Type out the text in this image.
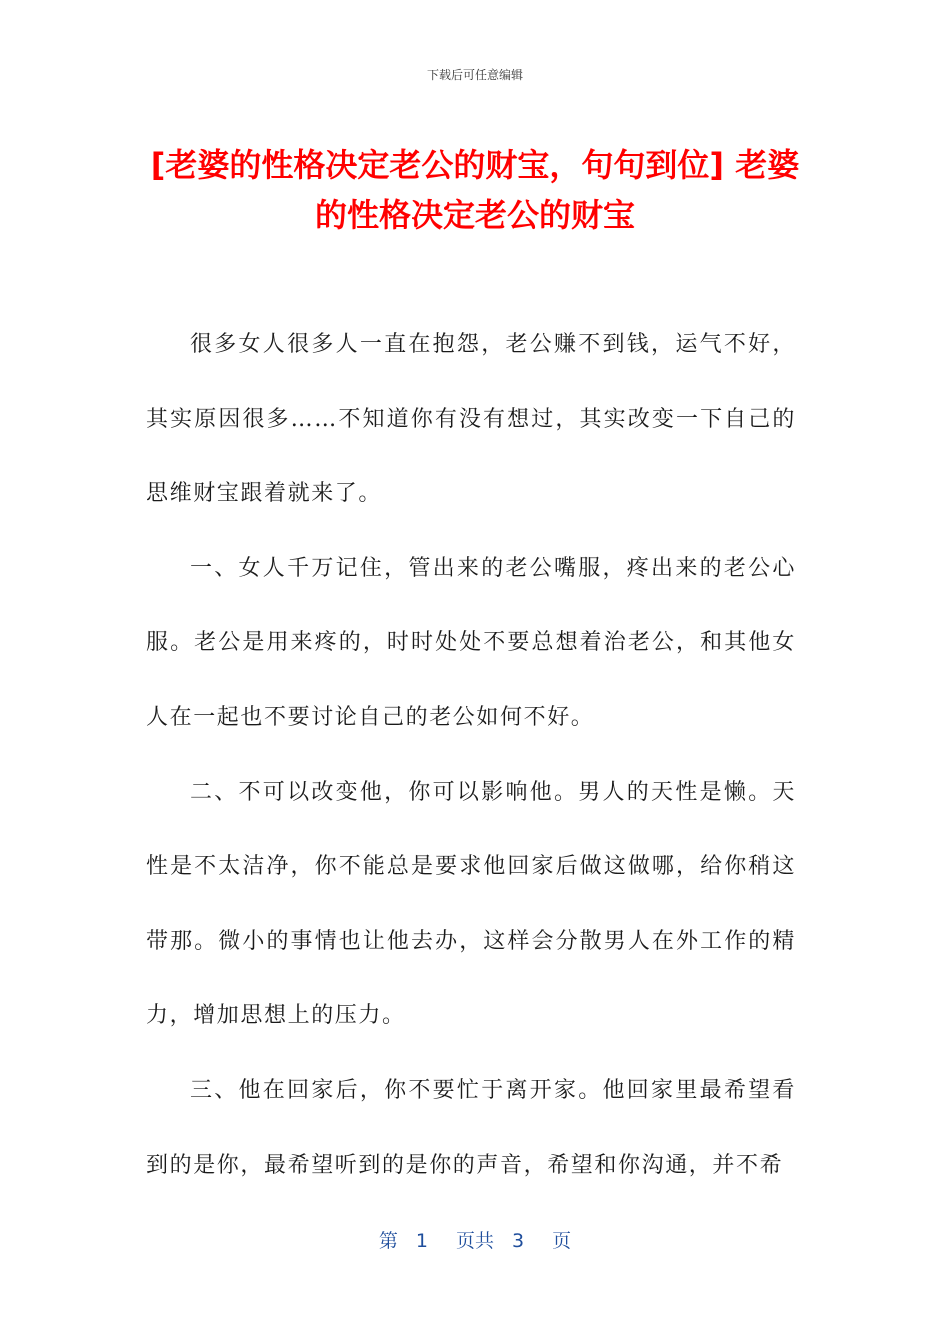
下载后可任意编辑
[老婆的性格决定老公的财宝，句句到位] 老婆的性格决定老公的财宝

很多女人很多人一直在抱怨，老公赚不到钱，运气不好，其实原因很多……不知道你有没有想过，其实改变一下自己的思维财宝跟着就来了。

一、女人千万记住，管出来的老公嘴服，疼出来的老公心服。老公是用来疼的，时时处处不要总想着治老公，和其他女人在一起也不要讨论自己的老公如何不好。

二、不可以改变他，你可以影响他。男人的天性是懒。天性是不太洁净，你不能总是要求他回家后做这做哪，给你稍这带那。微小的事情也让他去办，这样会分散男人在外工作的精力，增加思想上的压力。

三、他在回家后，你不要忙于离开家。他回家里最希望看到的是你，最希望听到的是你的声音，希望和你沟通，并不希

第 1 页共 3 页
